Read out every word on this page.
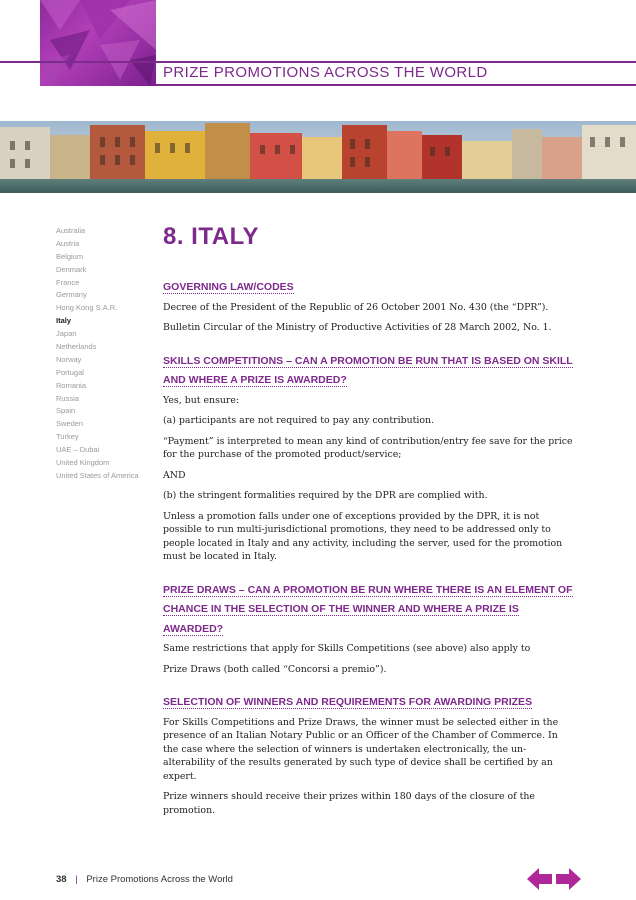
PRIZE PROMOTIONS ACROSS THE WORLD
Australia
Austria
Belgium
Denmark
France
Germany
Hong Kong S.A.R.
Italy
Japan
Netherlands
Norway
Portugal
Romania
Russia
Spain
Sweden
Turkey
UAE – Dubai
United Kingdom
United States of America
8. ITALY
GOVERNING LAW/CODES

Decree of the President of the Republic of 26 October 2001 No. 430 (the “DPR”).

Bulletin Circular of the Ministry of Productive Activities of 28 March 2002, No. 1.

SKILLS COMPETITIONS – CAN A PROMOTION BE RUN THAT IS BASED ON SKILL AND WHERE A PRIZE IS AWARDED?

Yes, but ensure:

(a) participants are not required to pay any contribution.

“Payment” is interpreted to mean any kind of contribution/entry fee save for the price for the purchase of the promoted product/service;

AND

(b) the stringent formalities required by the DPR are complied with.

Unless a promotion falls under one of exceptions provided by the DPR, it is not possible to run multi-jurisdictional promotions, they need to be addressed only to people located in Italy and any activity, including the server, used for the promotion must be located in Italy.

PRIZE DRAWS – CAN A PROMOTION BE RUN WHERE THERE IS AN ELEMENT OF CHANCE IN THE SELECTION OF THE WINNER AND WHERE A PRIZE IS AWARDED?

Same restrictions that apply for Skills Competitions (see above) also apply to

Prize Draws (both called “Concorsi a premio”).

SELECTION OF WINNERS AND REQUIREMENTS FOR AWARDING PRIZES

For Skills Competitions and Prize Draws, the winner must be selected either in the presence of an Italian Notary Public or an Officer of the Chamber of Commerce. In the case where the selection of winners is undertaken electronically, the un-alterability of the results generated by such type of device shall be certified by an expert.

Prize winners should receive their prizes within 180 days of the closure of the promotion.

38 | Prize Promotions Across the World
